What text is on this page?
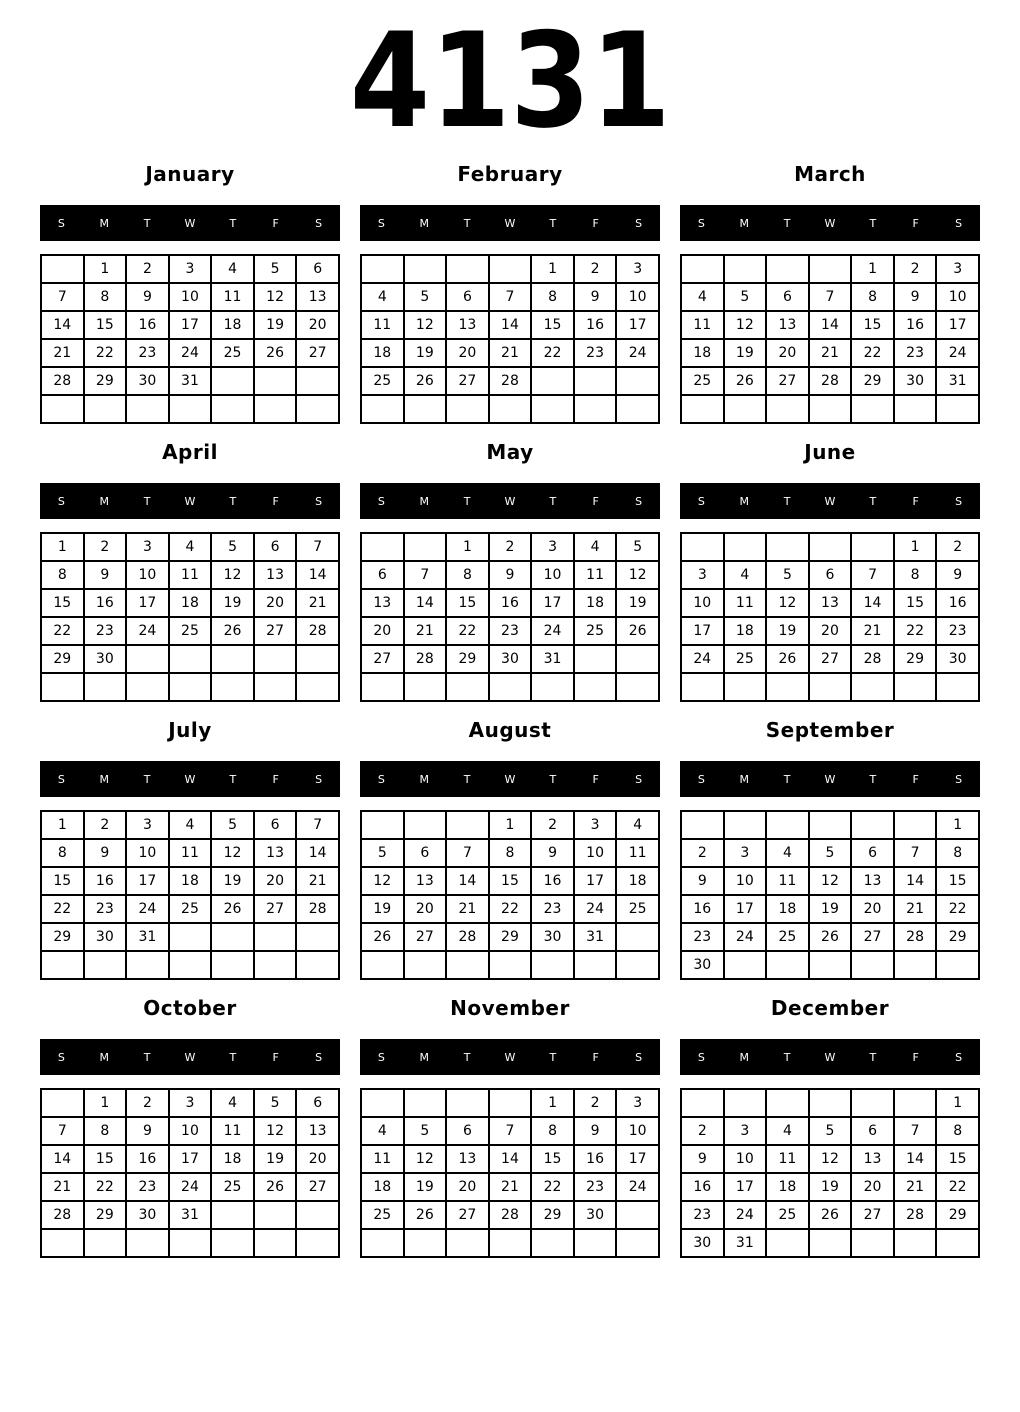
4131
January
S	M	T	W	T	F	S
	1	2	3	4	5	6
7	8	9	10	11	12	13
14	15	16	17	18	19	20
21	22	23	24	25	26	27
28	29	30	31			

February
S	M	T	W	T	F	S
				1	2	3
4	5	6	7	8	9	10
11	12	13	14	15	16	17
18	19	20	21	22	23	24
25	26	27	28			

March
S	M	T	W	T	F	S
				1	2	3
4	5	6	7	8	9	10
11	12	13	14	15	16	17
18	19	20	21	22	23	24
25	26	27	28	29	30	31

April
S	M	T	W	T	F	S
1	2	3	4	5	6	7
8	9	10	11	12	13	14
15	16	17	18	19	20	21
22	23	24	25	26	27	28
29	30					

May
S	M	T	W	T	F	S
		1	2	3	4	5
6	7	8	9	10	11	12
13	14	15	16	17	18	19
20	21	22	23	24	25	26
27	28	29	30	31		

June
S	M	T	W	T	F	S
					1	2
3	4	5	6	7	8	9
10	11	12	13	14	15	16
17	18	19	20	21	22	23
24	25	26	27	28	29	30

July
S	M	T	W	T	F	S
1	2	3	4	5	6	7
8	9	10	11	12	13	14
15	16	17	18	19	20	21
22	23	24	25	26	27	28
29	30	31				

August
S	M	T	W	T	F	S
			1	2	3	4
5	6	7	8	9	10	11
12	13	14	15	16	17	18
19	20	21	22	23	24	25
26	27	28	29	30	31	

September
S	M	T	W	T	F	S
						1
2	3	4	5	6	7	8
9	10	11	12	13	14	15
16	17	18	19	20	21	22
23	24	25	26	27	28	29
30						
October
S	M	T	W	T	F	S
	1	2	3	4	5	6
7	8	9	10	11	12	13
14	15	16	17	18	19	20
21	22	23	24	25	26	27
28	29	30	31			

November
S	M	T	W	T	F	S
				1	2	3
4	5	6	7	8	9	10
11	12	13	14	15	16	17
18	19	20	21	22	23	24
25	26	27	28	29	30	

December
S	M	T	W	T	F	S
						1
2	3	4	5	6	7	8
9	10	11	12	13	14	15
16	17	18	19	20	21	22
23	24	25	26	27	28	29
30	31					
